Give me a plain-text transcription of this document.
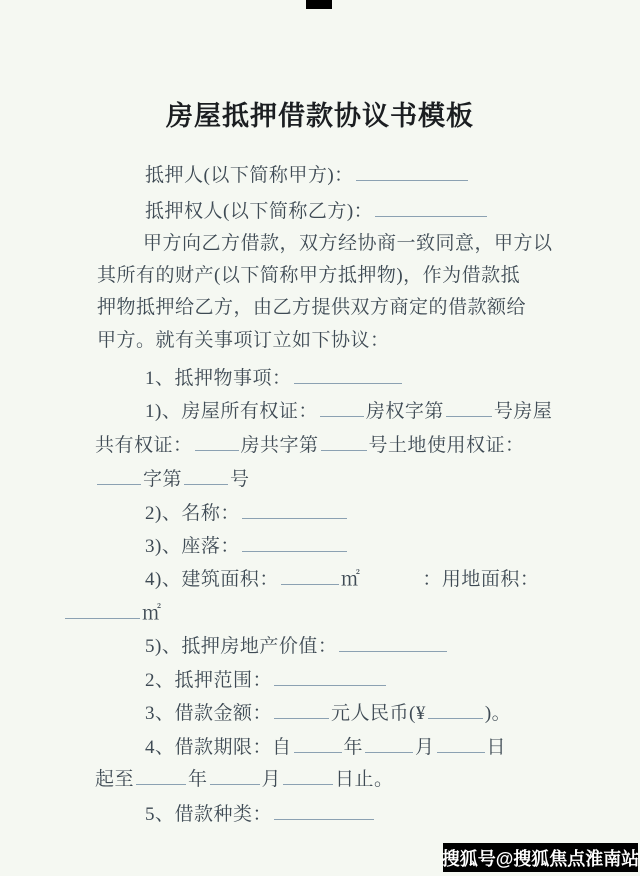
房屋抵押借款协议书模板
抵押人(以下简称甲方)：
抵押权人(以下简称乙方)：
甲方向乙方借款，双方经协商一致同意，甲方以
其所有的财产(以下简称甲方抵押物)，作为借款抵
押物抵押给乙方，由乙方提供双方商定的借款额给
甲方。就有关事项订立如下协议：
1、抵押物事项：
1)、房屋所有权证：	房权字第	号房屋
共有权证：	房共字第	号土地使用权证：
字第	号
2)、名称：
3)、座落：
4)、建筑面积：	㎡	：用地面积：
㎡
5)、抵押房地产价值：
2、抵押范围：
3、借款金额：	元人民币(¥	)。
4、借款期限：自	年	月	日
起至	年	月	日止。
5、借款种类：
搜狐号@搜狐焦点淮南站
